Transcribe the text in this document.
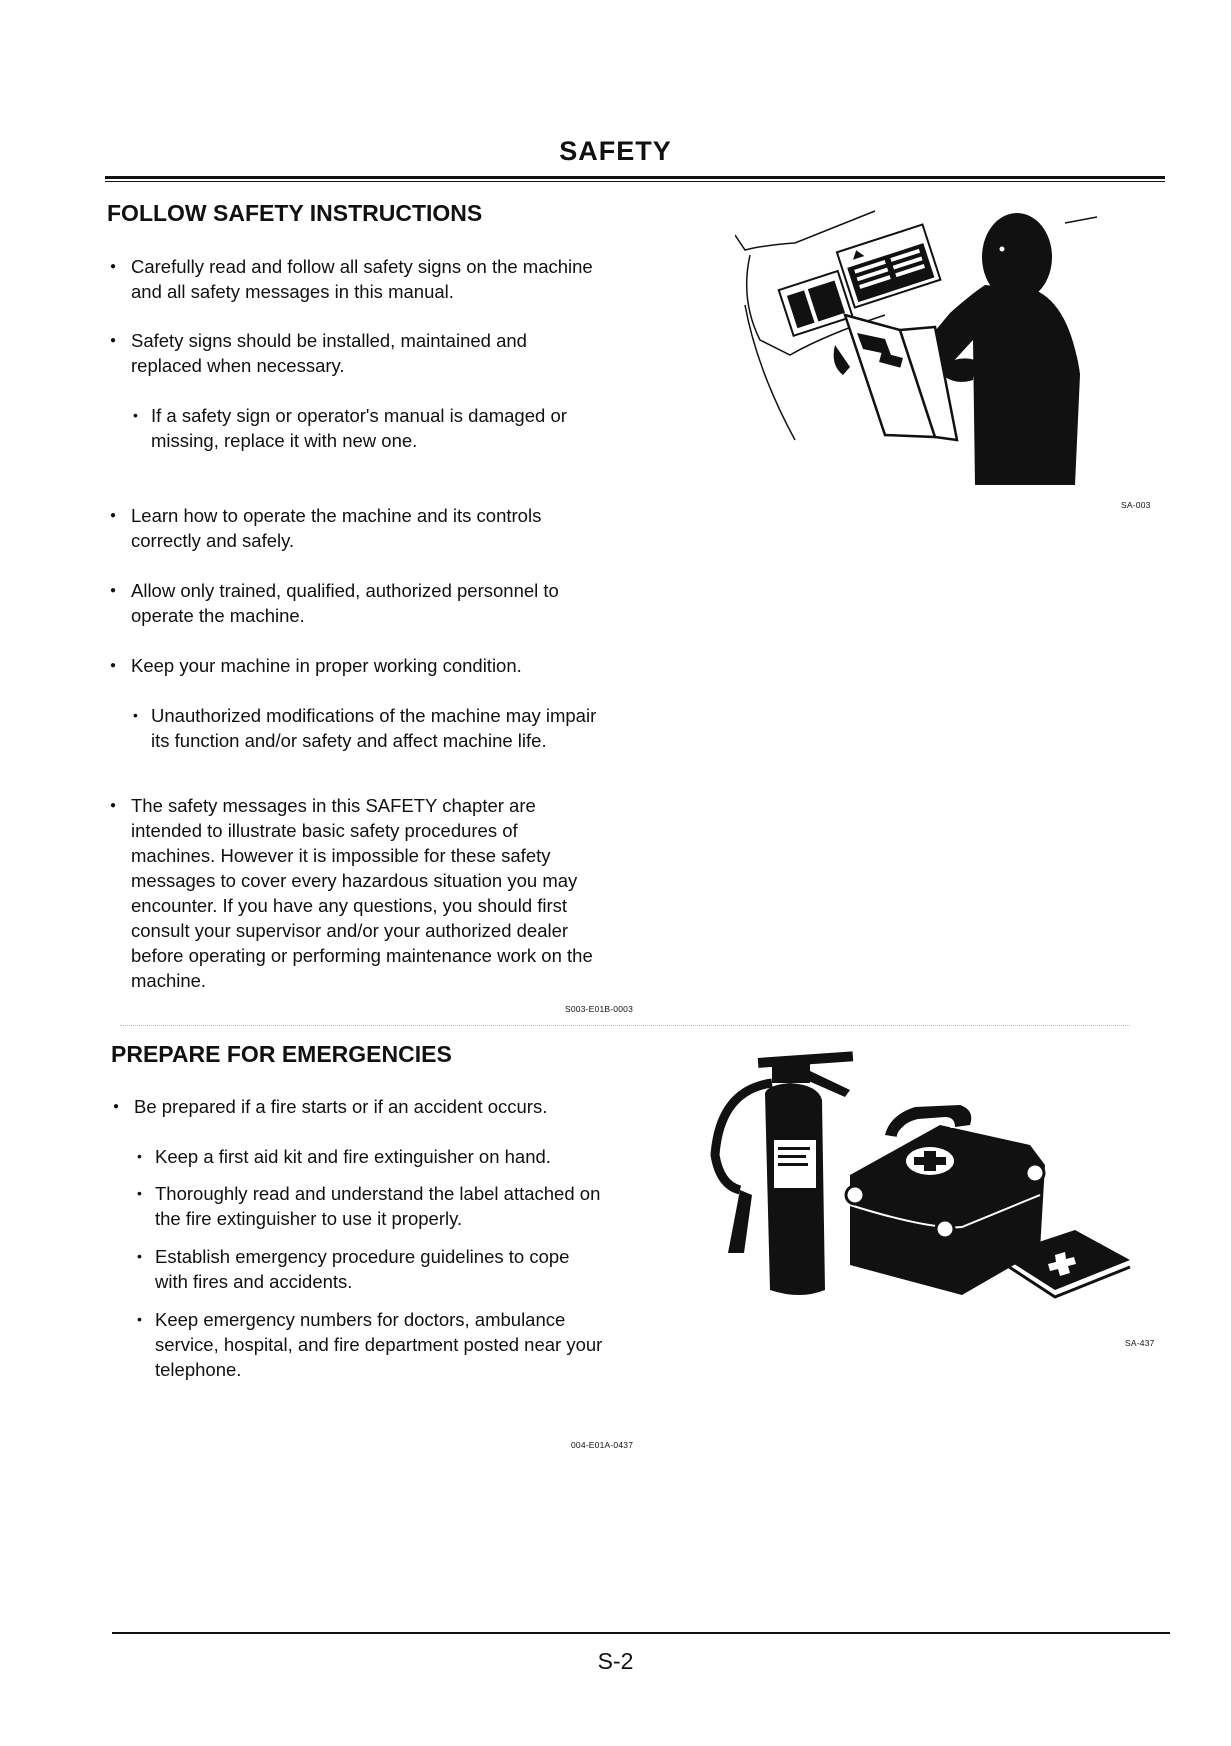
SAFETY
FOLLOW SAFETY INSTRUCTIONS
● Carefully read and follow all safety signs on the machine
and all safety messages in this manual.
● Safety signs should be installed, maintained and
replaced when necessary.
• If a safety sign or operator's manual is damaged or
missing, replace it with new one.
● Learn how to operate the machine and its controls
correctly and safely.
● Allow only trained, qualified, authorized personnel to
operate the machine.
● Keep your machine in proper working condition.
• Unauthorized modifications of the machine may impair
its function and/or safety and affect machine life.
● The safety messages in this SAFETY chapter are
intended to illustrate basic safety procedures of
machines. However it is impossible for these safety
messages to cover every hazardous situation you may
encounter. If you have any questions, you should first
consult your supervisor and/or your authorized dealer
before operating or performing maintenance work on the
machine.
S003-E01B-0003
SA-003
PREPARE FOR EMERGENCIES
● Be prepared if a fire starts or if an accident occurs.
• Keep a first aid kit and fire extinguisher on hand.
• Thoroughly read and understand the label attached on
the fire extinguisher to use it properly.
• Establish emergency procedure guidelines to cope
with fires and accidents.
• Keep emergency numbers for doctors, ambulance
service, hospital, and fire department posted near your
telephone.
004-E01A-0437
SA-437
S-2
